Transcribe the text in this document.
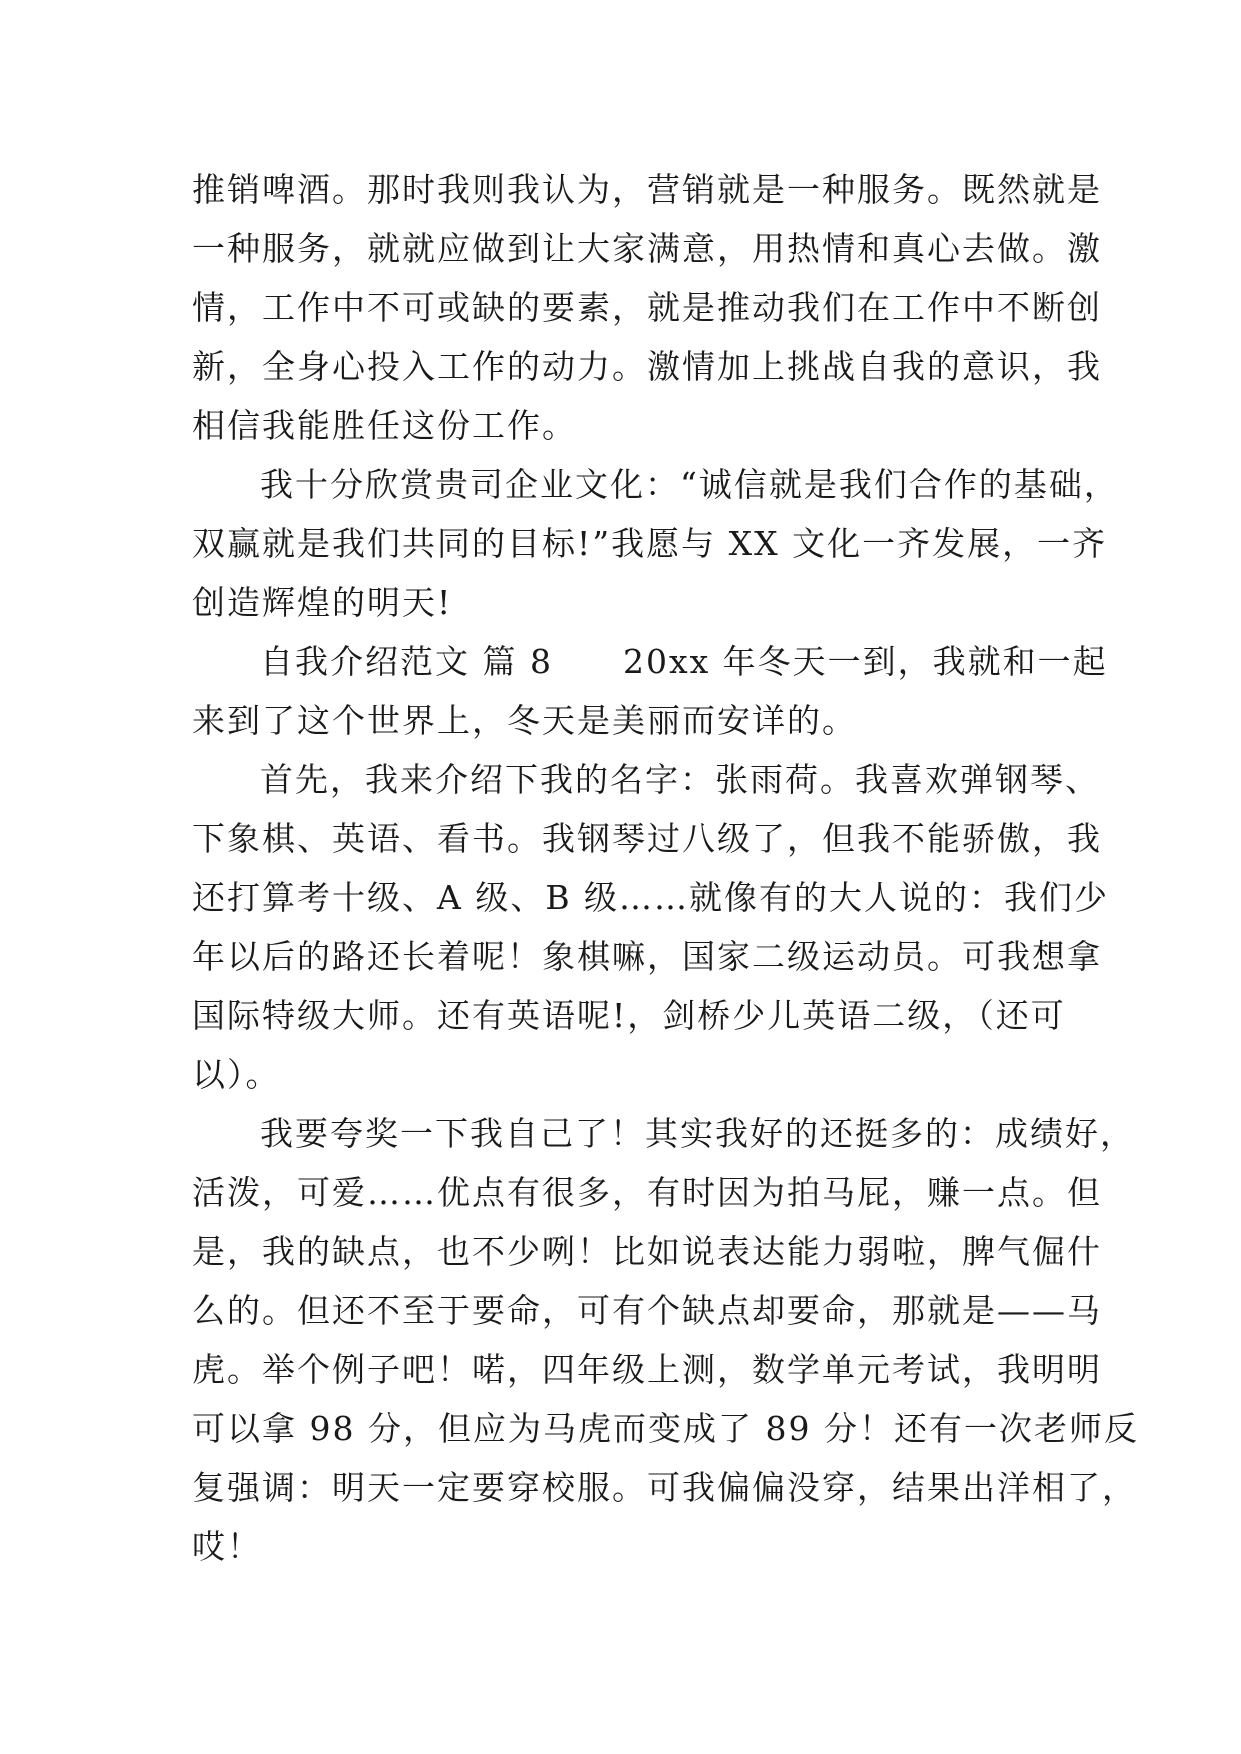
推销啤酒。那时我则我认为，营销就是一种服务。既然就是
一种服务，就就应做到让大家满意，用热情和真心去做。激
情，工作中不可或缺的要素，就是推动我们在工作中不断创
新，全身心投入工作的动力。激情加上挑战自我的意识，我
相信我能胜任这份工作。
我十分欣赏贵司企业文化：“诚信就是我们合作的基础，
双赢就是我们共同的目标!”我愿与 XX 文化一齐发展，一齐
创造辉煌的明天!
自我介绍范文 篇 8 20xx 年冬天一到，我就和一起
来到了这个世界上，冬天是美丽而安详的。
首先，我来介绍下我的名字：张雨荷。我喜欢弹钢琴、
下象棋、英语、看书。我钢琴过八级了，但我不能骄傲，我
还打算考十级、A 级、B 级……就像有的大人说的：我们少
年以后的路还长着呢！象棋嘛，国家二级运动员。可我想拿
国际特级大师。还有英语呢!，剑桥少儿英语二级，（还可
以）。
我要夸奖一下我自己了！其实我好的还挺多的：成绩好，
活泼，可爱……优点有很多，有时因为拍马屁，赚一点。但
是，我的缺点，也不少咧！比如说表达能力弱啦，脾气倔什
么的。但还不至于要命，可有个缺点却要命，那就是——马
虎。举个例子吧！喏，四年级上测，数学单元考试，我明明
可以拿 98 分，但应为马虎而变成了 89 分！还有一次老师反
复强调：明天一定要穿校服。可我偏偏没穿，结果出洋相了，
哎！
